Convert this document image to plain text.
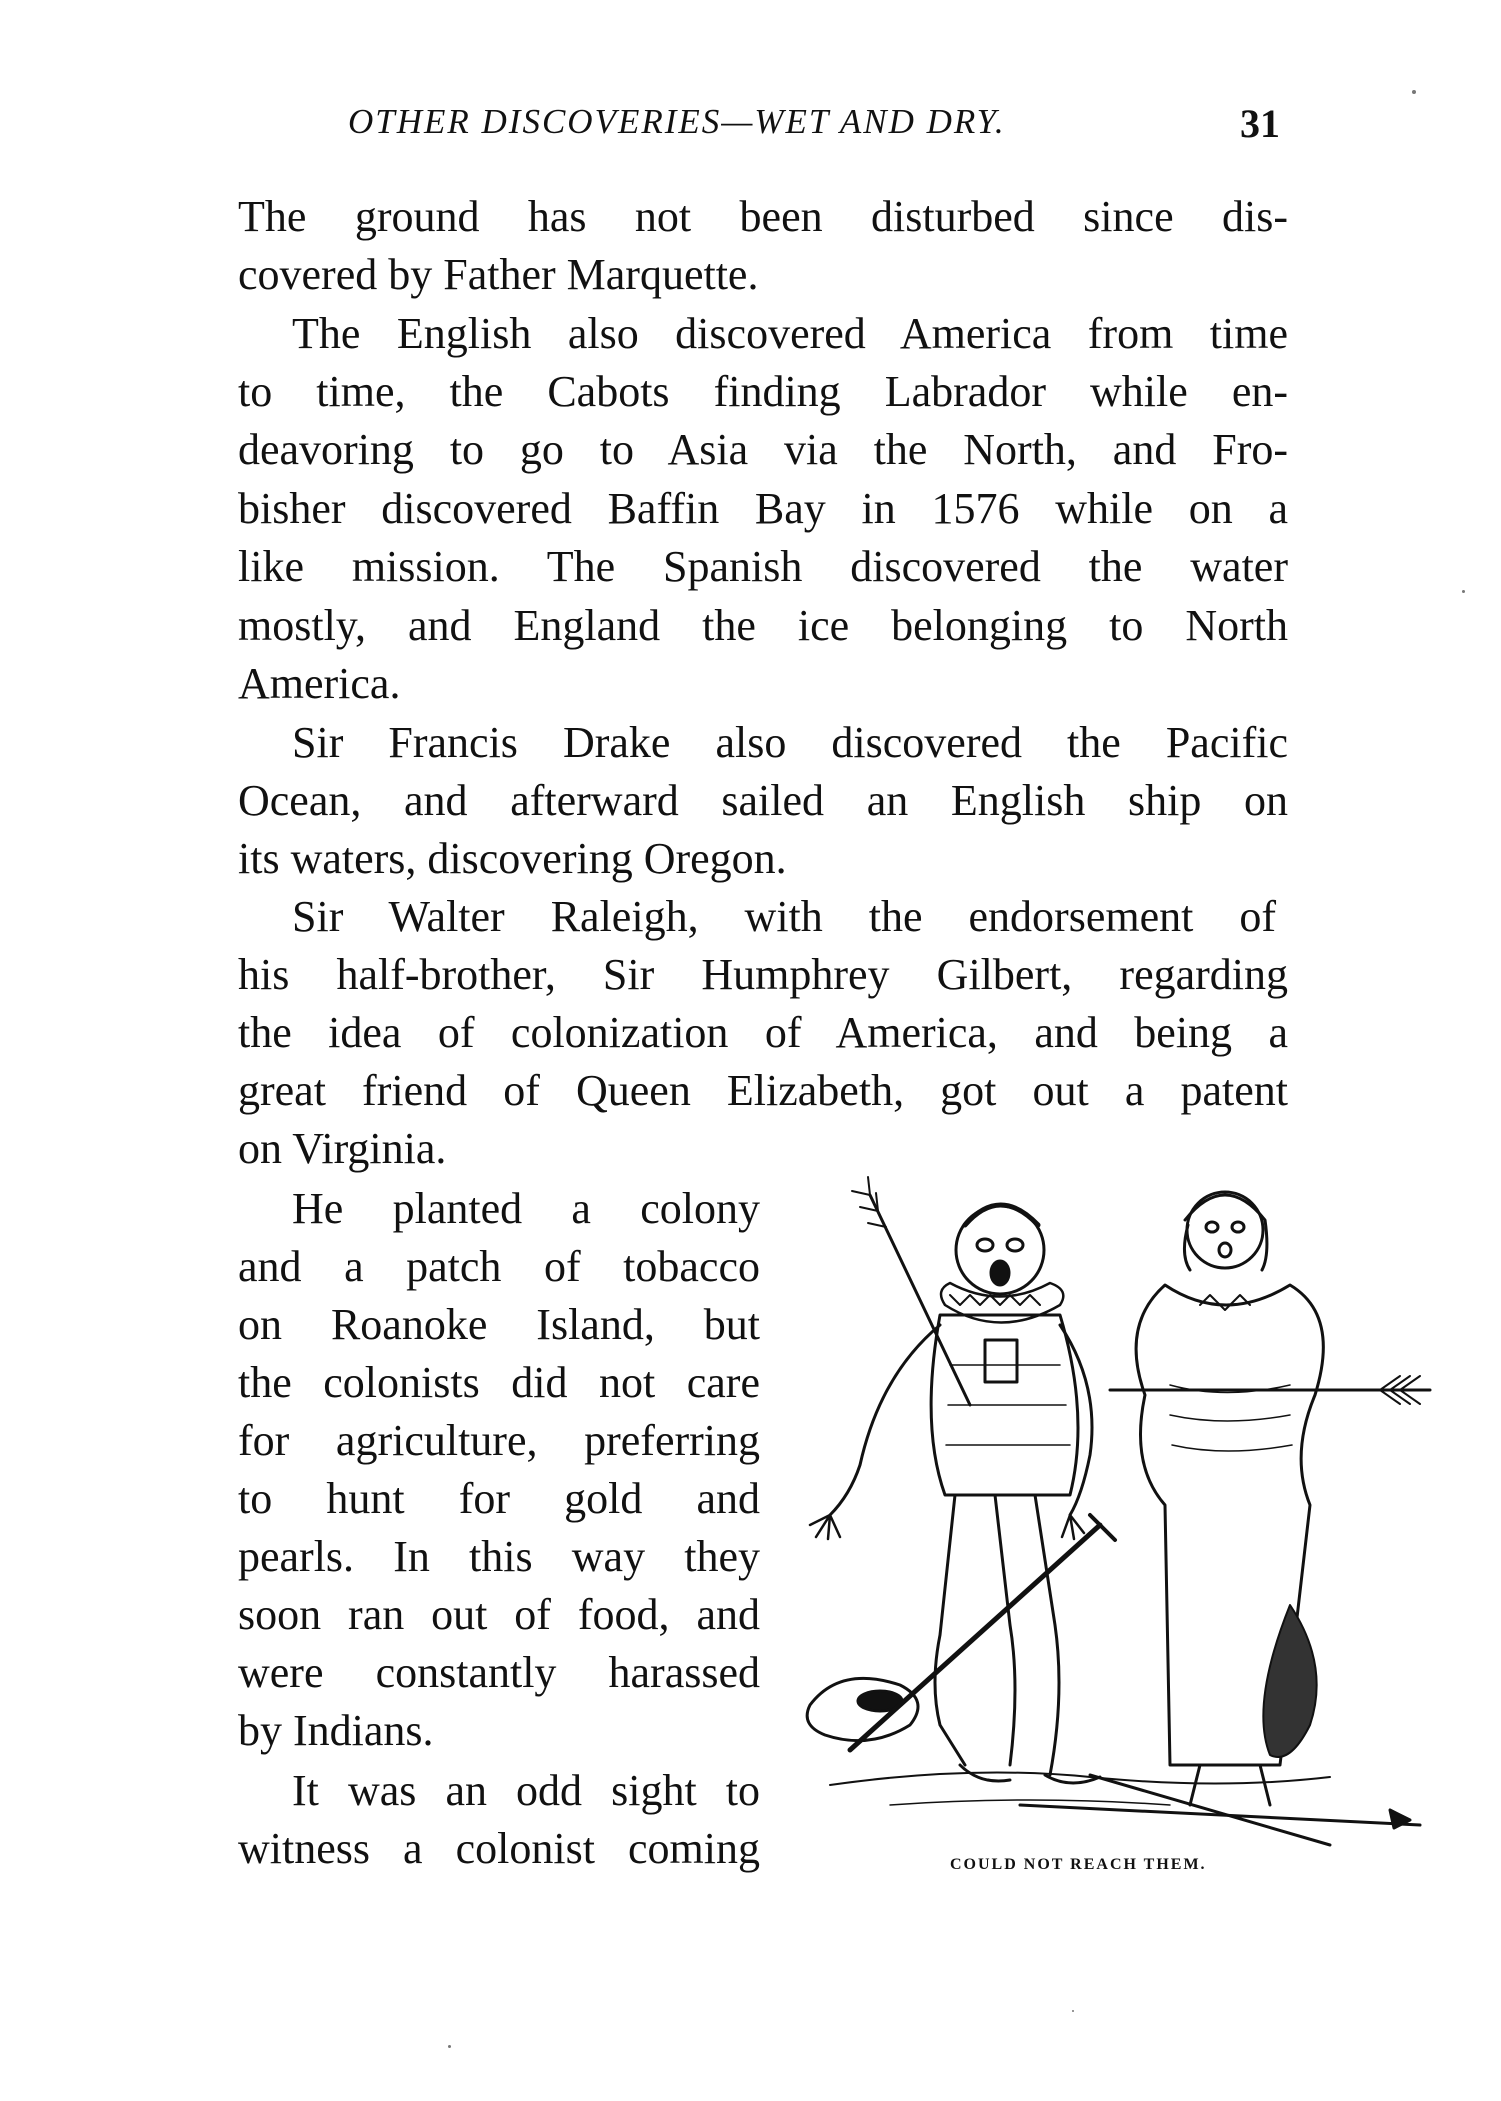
OTHER DISCOVERIES—WET AND DRY.	31
The ground has not been disturbed since dis-
covered by Father Marquette.
The English also discovered America from time
to time, the Cabots finding Labrador while en-
deavoring to go to Asia via the North, and Fro-
bisher discovered Baffin Bay in 1576 while on a
like mission. The Spanish discovered the water
mostly, and England the ice belonging to North
America.
Sir Francis Drake also discovered the Pacific
Ocean, and afterward sailed an English ship on
its waters, discovering Oregon.
Sir Walter Raleigh, with the endorsement of
his half-brother, Sir Humphrey Gilbert, regarding
the idea of colonization of America, and being a
great friend of Queen Elizabeth, got out a patent
on Virginia.
He planted a colony
and a patch of tobacco
on Roanoke Island, but
the colonists did not care
for agriculture, preferring
to hunt for gold and
pearls. In this way they
soon ran out of food, and
were constantly harassed
by Indians.
It was an odd sight to
witness a colonist coming	COULD NOT REACH THEM.
